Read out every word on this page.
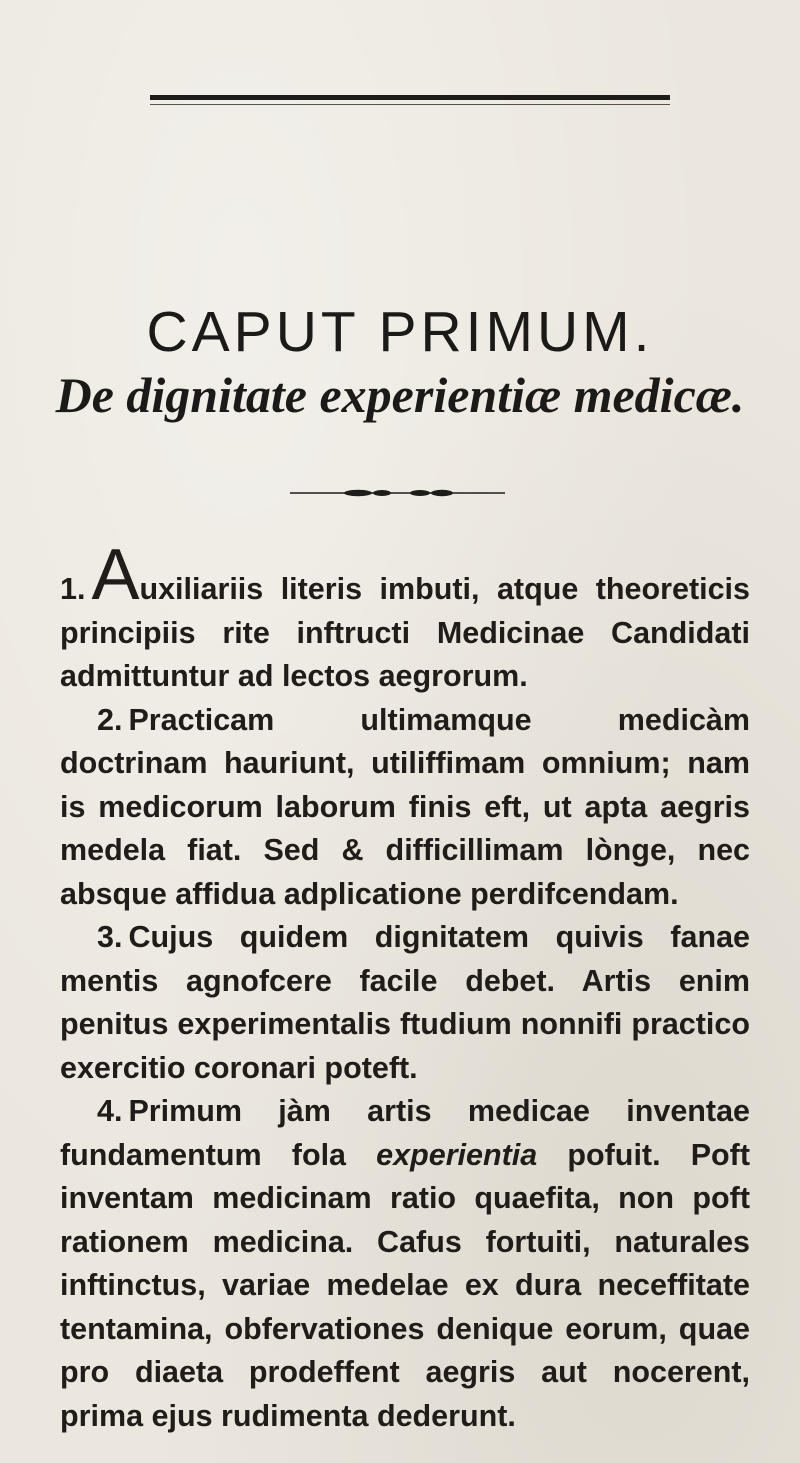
CAPUT PRIMUM.
De dignitate experientiæ medicæ.

1.Auxiliariis literis imbuti, atque theoreticis principiis rite inftructi Medicinae Candidati admittuntur ad lectos aegrorum.

2. Practicam ultimamque medicàm doctrinam hauriunt, utiliffimam omnium; nam is medicorum laborum finis eft, ut apta aegris medela fiat. Sed & difficillimam lònge, nec absque affidua adplicatione perdifcendam.

3. Cujus quidem dignitatem quivis fanae mentis agnofcere facile debet. Artis enim penitus experimentalis ftudium nonnifi practico exercitio coronari poteft.

4. Primum jàm artis medicae inventae fundamentum fola experientia pofuit. Poft inventam medicinam ratio quaefita, non poft rationem medicina. Cafus fortuiti, naturales inftinctus, variae medelae ex dura neceffitate tentamina, obfervationes denique eorum, quae pro diaeta prodeffent aegris aut nocerent, prima ejus rudimenta dederunt.
